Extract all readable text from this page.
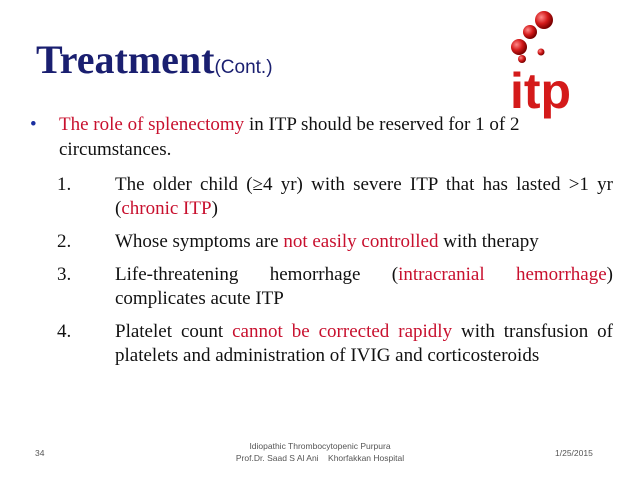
Treatment(Cont.)	itp
• The role of splenectomy in ITP should be reserved for 1 of 2 circumstances.
1. The older child (≥4 yr) with severe ITP that has lasted >1 yr (chronic ITP)
2. Whose symptoms are not easily controlled with therapy
3. Life-threatening hemorrhage (intracranial hemorrhage) complicates acute ITP
4. Platelet count cannot be corrected rapidly with transfusion of platelets and administration of IVIG and corticosteroids
34
Idiopathic Thrombocytopenic Purpura
Prof.Dr. Saad S Al Ani    Khorfakkan Hospital	1/25/2015
